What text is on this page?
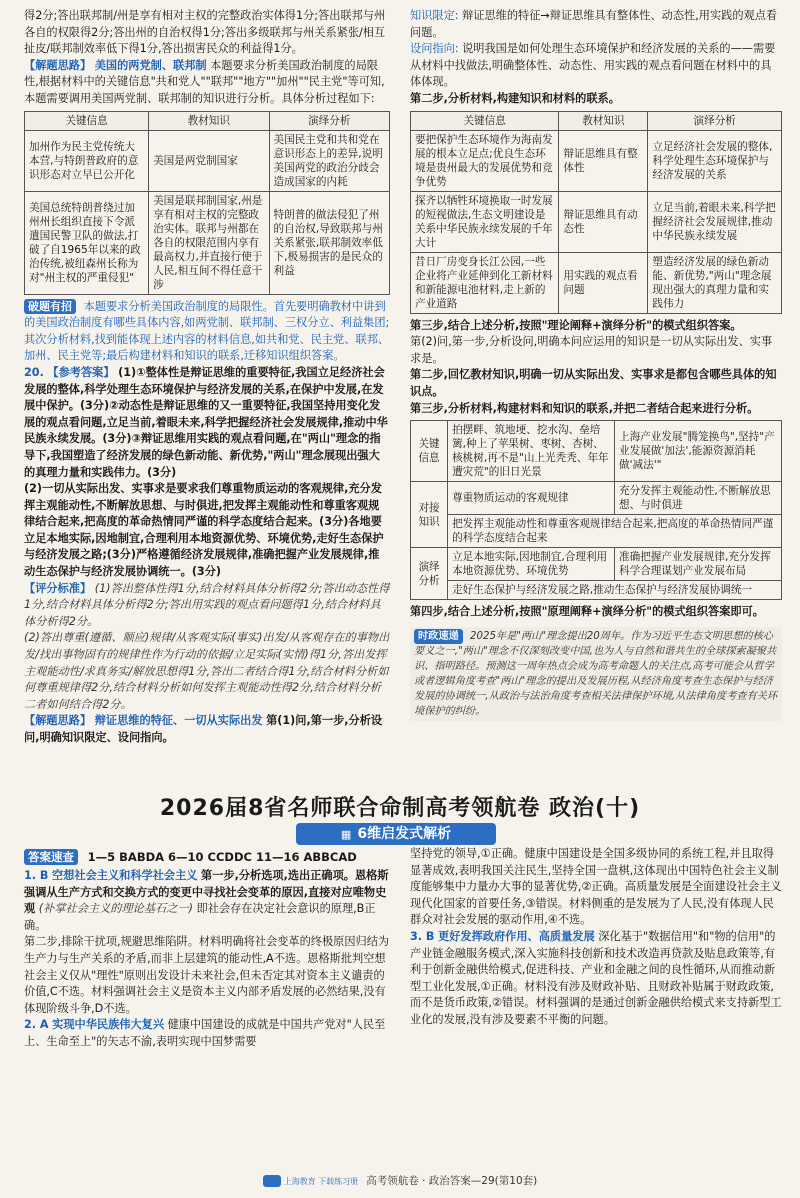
得2分;答出联邦制/州是享有相对主权的完整政治实体得1分;答出联邦与州各自的权限得2分;答出州的自治权得1分;答出多级联邦与州关系紧张/相互扯皮/联邦制效率低下得1分,答出损害民众的利益得1分。

【解题思路】 美国的两党制、联邦制 本题要求分析美国政治制度的局限性,根据材料中的关键信息"共和党人""联邦""地方""加州""民主党"等可知,本题需要调用美国两党制、联邦制的知识进行分析。具体分析过程如下:

关键信息	教材知识	演绎分析
加州作为民主党传统大本营,与特朗普政府的意识形态对立早已公开化	美国是两党制国家	美国民主党和共和党在意识形态上的差异,说明美国两党的政治分歧会造成国家的内耗
美国总统特朗普绕过加州州长组织直接下令派遣国民警卫队的做法,打破了自1965年以来的政治传统,被纽森州长称为对"州主权的严重侵犯"	美国是联邦制国家,州是享有相对主权的完整政治实体。联邦与州都在各自的权限范围内享有最高权力,并直接行使于人民,相互间不得任意干涉	特朗普的做法侵犯了州的自治权,导致联邦与州关系紧张,联邦制效率低下,极易损害的是民众的利益

破题有招 本题要求分析美国政治制度的局限性。首先要明确教材中讲到的美国政治制度有哪些具体内容,如两党制、联邦制、三权分立、利益集团;其次分析材料,找到能体现上述内容的材料信息,如共和党、民主党、联邦、加州、民主党等;最后构建材料和知识的联系,迁移知识组织答案。

20. 【参考答案】 (1)①整体性是辩证思维的重要特征,我国立足经济社会发展的整体,科学处理生态环境保护与经济发展的关系,在保护中发展,在发展中保护。(3分)②动态性是辩证思维的又一重要特征,我国坚持用变化发展的观点看问题,立足当前,着眼未来,科学把握经济社会发展规律,推动中华民族永续发展。(3分)③辩证思维用实践的观点看问题,在"两山"理念的指导下,我国塑造了经济发展的绿色新动能、新优势,"两山"理念展现出强大的真理力量和实践伟力。(3分)

(2)一切从实际出发、实事求是要求我们尊重物质运动的客观规律,充分发挥主观能动性,不断解放思想、与时俱进,把发挥主观能动性和尊重客观规律结合起来,把高度的革命热情同严谨的科学态度结合起来。(3分)各地要立足本地实际,因地制宜,合理利用本地资源优势、环境优势,走好生态保护与经济发展之路;(3分)严格遵循经济发展规律,准确把握产业发展规律,推动生态保护与经济发展协调统一。(3分)

【评分标准】 (1)答出整体性得1分,结合材料具体分析得2分;答出动态性得1分,结合材料具体分析得2分;答出用实践的观点看问题得1分,结合材料具体分析得2分。

(2)答出尊重(遵循、顺应)规律/从客观实际(事实)出发/从客观存在的事物出发/找出事物固有的规律性作为行动的依据/立足实际(实情)得1分,答出发挥主观能动性/求真务实/解放思想得1分,答出二者结合得1分,结合材料分析如何尊重规律得2分,结合材料分析如何发挥主观能动性得2分,结合材料分析二者如何结合得2分。

【解题思路】 辩证思维的特征、一切从实际出发 第(1)问,第一步,分析设问,明确知识限定、设问指向。

知识限定: 辩证思维的特征→辩证思维具有整体性、动态性,用实践的观点看问题。

设问指向: 说明我国是如何处理生态环境保护和经济发展的关系的——需要从材料中找做法,明确整体性、动态性、用实践的观点看问题在材料中的具体体现。

第二步,分析材料,构建知识和材料的联系。

关键信息	教材知识	演绎分析
要把保护生态环境作为海南发展的根本立足点;优良生态环境是贵州最大的发展优势和竞争优势	辩证思维具有整体性	立足经济社会发展的整体,科学处理生态环境保护与经济发展的关系
探齐以牺牲环境换取一时发展的短视做法,生态文明建设是关系中华民族永续发展的千年大计	辩证思维具有动态性	立足当前,着眼未来,科学把握经济社会发展规律,推动中华民族永续发展
昔日厂房变身长江公园,一些企业将产业延伸到化工新材料和新能源电池材料,走上新的产业道路	用实践的观点看问题	塑造经济发展的绿色新动能、新优势,"两山"理念展现出强大的真理力量和实践伟力

第三步,结合上述分析,按照"理论阐释+演绎分析"的模式组织答案。

第(2)问,第一步,分析设问,明确本问应运用的知识是一切从实际出发、实事求是。

第二步,回忆教材知识,明确一切从实际出发、实事求是都包含哪些具体的知识点。

第三步,分析材料,构建材料和知识的联系,并把二者结合起来进行分析。

关键信息	拍摆畔、筑地埂、挖水沟、垒培篱,种上了苹果树、枣树、杏树、核桃树,再不是"山上光秃秃、年年遭灾荒"的旧日光景	上海产业发展"腾笼换鸟",坚持"产业发展做'加法',能源资源消耗做'减法'"
对接知识	尊重物质运动的客观规律	充分发挥主观能动性,不断解放思想、与时俱进
	把发挥主观能动性和尊重客观规律结合起来,把高度的革命热情同严谨的科学态度结合起来	
演绎分析	立足本地实际,因地制宜,合理利用本地资源优势、环境优势	准确把握产业发展规律,充分发挥科学合理谋划产业发展布局
	走好生态保护与经济发展之路,推动生态保护与经济发展协调统一	

第四步,结合上述分析,按照"原理阐释+演绎分析"的模式组织答案即可。

时政速递 2025年是"两山"理念提出20周年。作为习近平生态文明思想的核心要义之一,"两山"理念不仅深刻改变中国,也为人与自然和谐共生的全球探索凝聚共识、指明路径。预测这一周年热点会成为高考命题人的关注点,高考可能会从哲学或者逻辑角度考查"两山"理念的提出及发展历程,从经济角度考查生态保护与经济发展的协调统一,从政治与法治角度考查相关法律保护环境,从法律角度考查有关环境保护的纠纷。
2026届8省名师联合命制高考领航卷 政治(十)
▦ 6维启发式解析
答案速查 1—5 BABDA 6—10 CCDDC 11—16 ABBCAD

1. B 空想社会主义和科学社会主义 第一步,分析选项,选出正确项。恩格斯强调从生产方式和交换方式的变更中寻找社会变革的原因,直接对应唯物史观 (补掌社会主义的理论基石之一) 即社会存在决定社会意识的原理,B正确。

第二步,排除干扰项,规避思维陷阱。材料明确将社会变革的终极原因归结为生产力与生产关系的矛盾,而非上层建筑的能动性,A不选。恩格斯批判空想社会主义仅从"理性"原则出发设计未来社会,但未否定其对资本主义谴责的价值,C不选。材料强调社会主义是资本主义内部矛盾发展的必然结果,没有体现阶级斗争,D不选。

2. A 实现中华民族伟大复兴 健康中国建设的成就是中国共产党对"人民至上、生命至上"的矢志不渝,表明实现中国梦需要

坚持党的领导,①正确。健康中国建设是全国多级协同的系统工程,并且取得显著成效,表明我国关注民生,坚持全国一盘棋,这体现出中国特色社会主义制度能够集中力量办大事的显著优势,②正确。高质量发展是全面建设社会主义现代化国家的首要任务,③错误。材料侧重的是发展为了人民,没有体现人民群众对社会发展的驱动作用,④不选。

3. B 更好发挥政府作用、高质量发展 深化基于"数据信用"和"物的信用"的产业链金融服务模式,深入实施科技创新和技术改造再贷款及贴息政策等,有利于创新金融供给模式,促进科技、产业和金融之间的良性循环,从而推动新型工业化发展,①正确。材料没有涉及财政补贴、且财政补贴属于财政政策,而不是货币政策,②错误。材料强调的是通过创新金融供给模式来支持新型工业化的发展,没有涉及要素不平衡的问题。

上海教育 下载练习册 高考领航卷 · 政治答案—29(第10套)
